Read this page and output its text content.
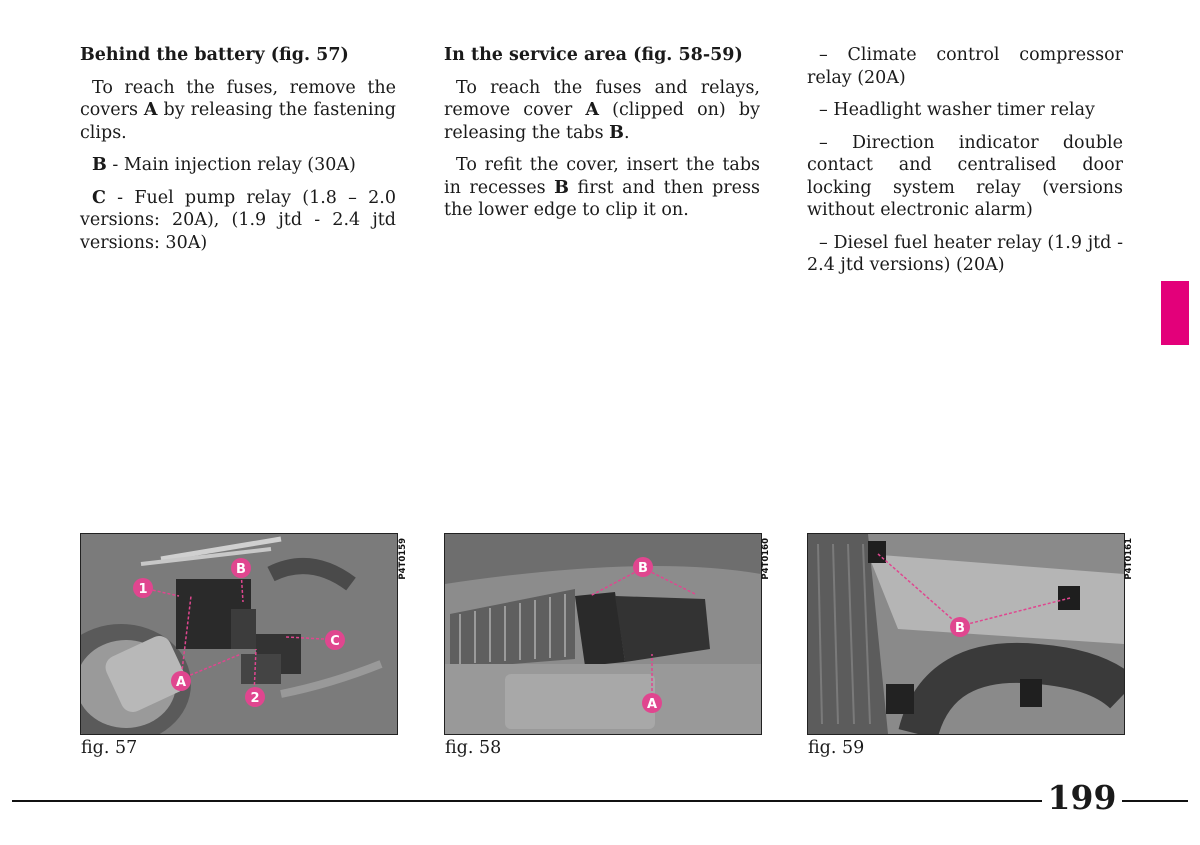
Behind the battery (fig. 57)

To reach the fuses, remove the covers A by releasing the fastening clips.

B - Main injection relay (30A)

C - Fuel pump relay (1.8 – 2.0 versions: 20A), (1.9 jtd - 2.4 jtd versions: 30A)

In the service area (fig. 58-59)

To reach the fuses and relays, remove cover A (clipped on) by releasing the tabs B.

To refit the cover, insert the tabs in recesses B first and then press the lower edge to clip it on.

– Climate control compressor relay (20A)

– Headlight washer timer relay

– Direction indicator double contact and centralised door locking system relay (versions without electronic alarm)

– Diesel fuel heater relay (1.9 jtd - 2.4 jtd versions) (20A)

1
B
C
A
2
P4T0159
fig. 57
B
A
P4T0160
fig. 58
B
P4T0161
fig. 59
199
